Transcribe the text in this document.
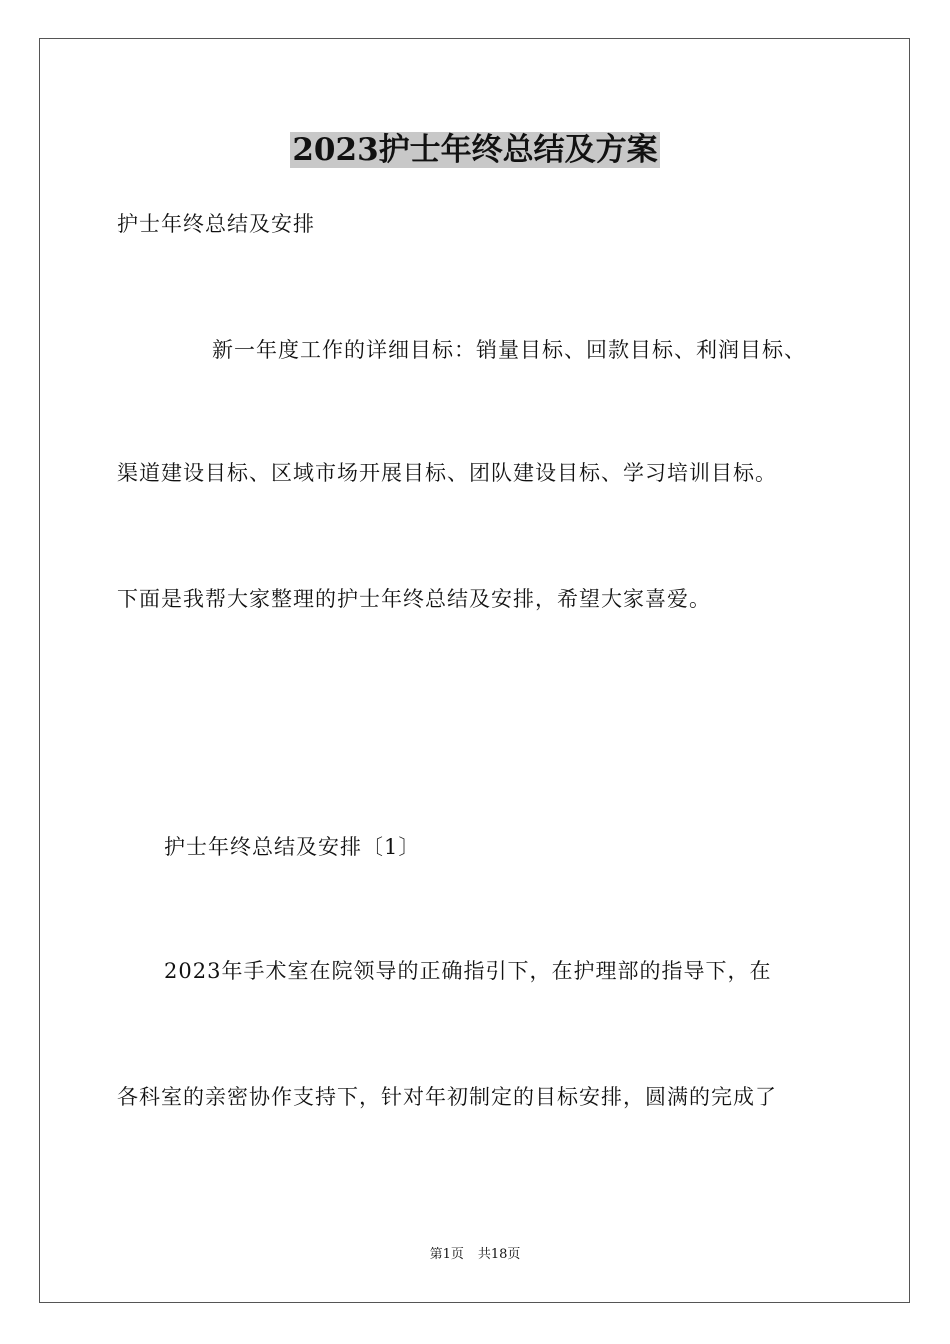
2023护士年终总结及方案
护士年终总结及安排
新一年度工作的详细目标：销量目标、回款目标、利润目标、
渠道建设目标、区域市场开展目标、团队建设目标、学习培训目标。
下面是我帮大家整理的护士年终总结及安排，希望大家喜爱。
护士年终总结及安排〔1〕
2023年手术室在院领导的正确指引下，在护理部的指导下，在
各科室的亲密协作支持下，针对年初制定的目标安排，圆满的完成了
第1页 共18页
